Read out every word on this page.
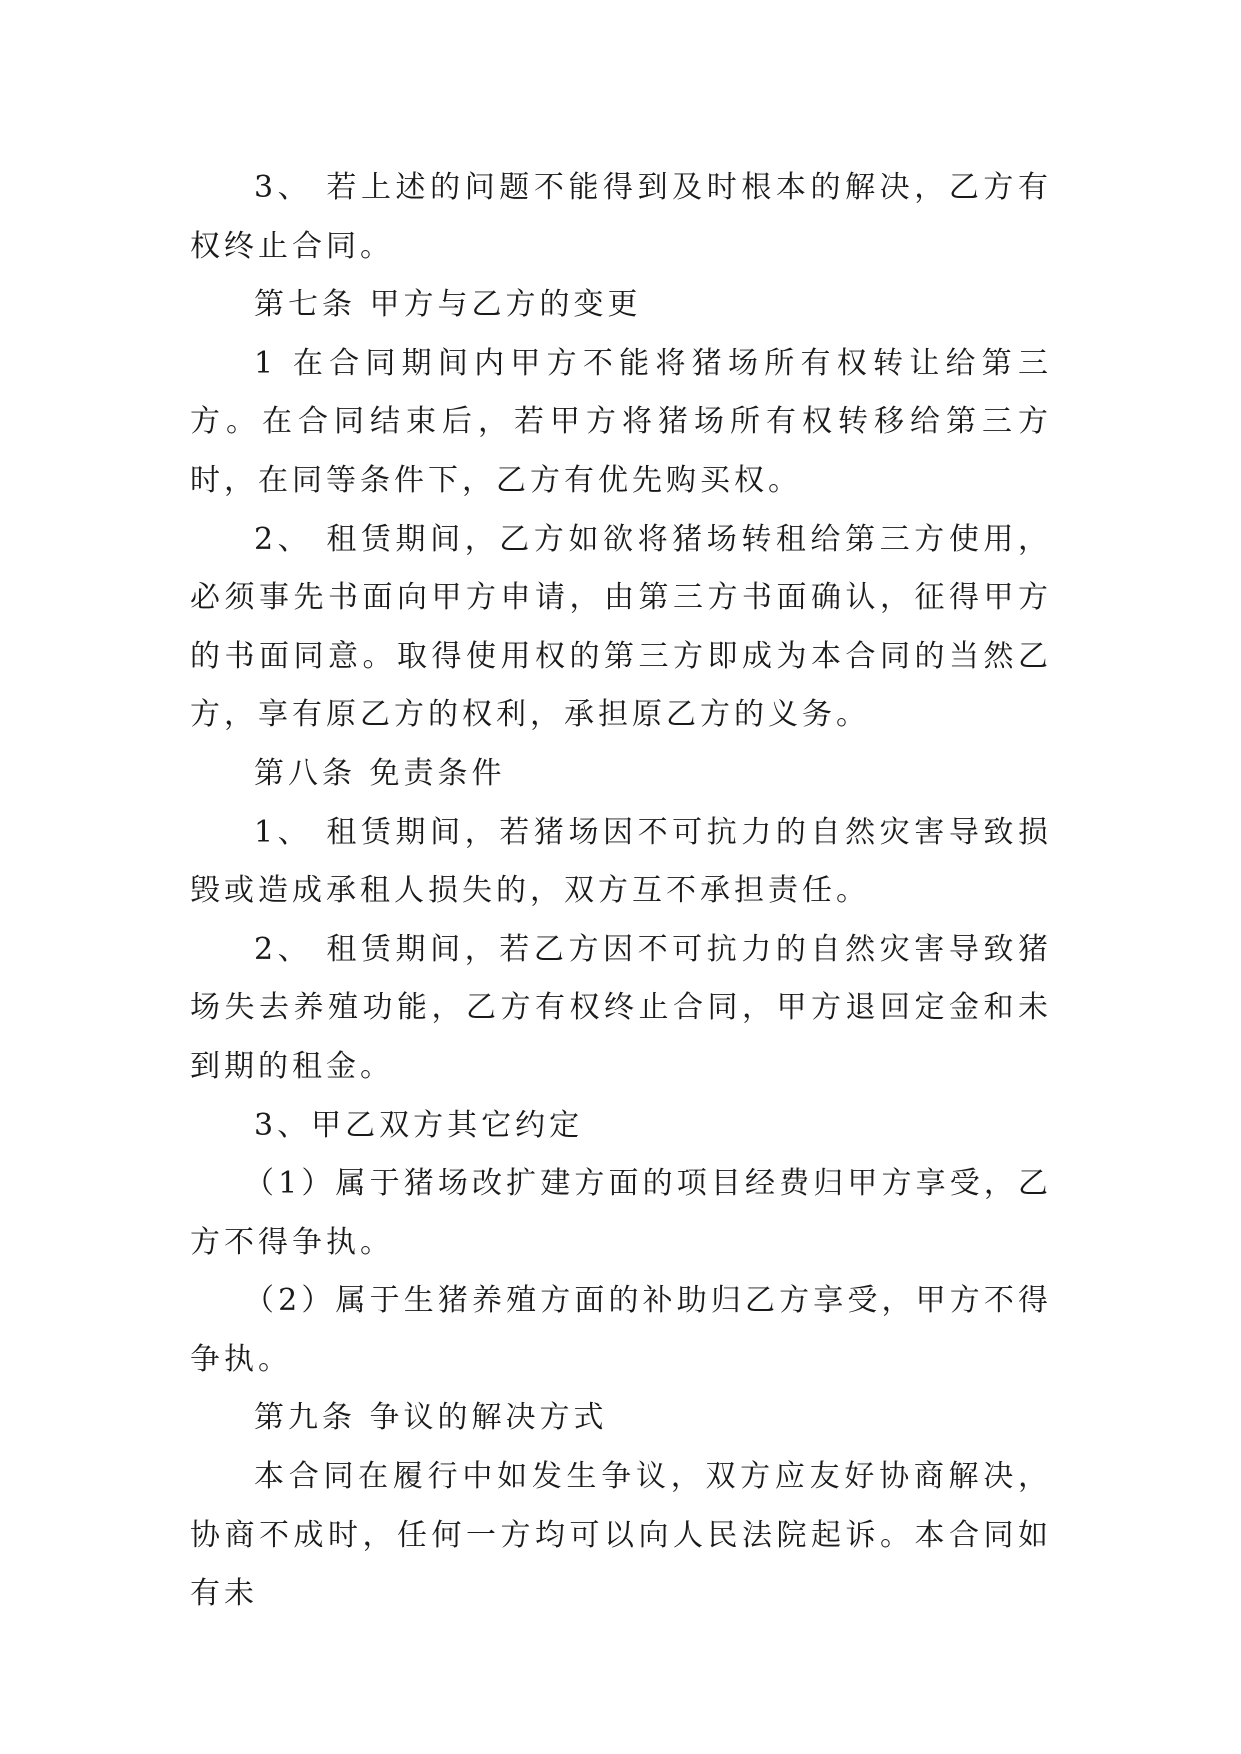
3、 若上述的问题不能得到及时根本的解决，乙方有权终止合同。

第七条 甲方与乙方的变更

1 在合同期间内甲方不能将猪场所有权转让给第三方。在合同结束后，若甲方将猪场所有权转移给第三方时，在同等条件下，乙方有优先购买权。

2、 租赁期间，乙方如欲将猪场转租给第三方使用，必须事先书面向甲方申请，由第三方书面确认，征得甲方的书面同意。取得使用权的第三方即成为本合同的当然乙方，享有原乙方的权利，承担原乙方的义务。

第八条 免责条件

1、 租赁期间，若猪场因不可抗力的自然灾害导致损毁或造成承租人损失的，双方互不承担责任。

2、 租赁期间，若乙方因不可抗力的自然灾害导致猪场失去养殖功能，乙方有权终止合同，甲方退回定金和未到期的租金。

3、甲乙双方其它约定

（1）属于猪场改扩建方面的项目经费归甲方享受，乙方不得争执。

（2）属于生猪养殖方面的补助归乙方享受，甲方不得争执。

第九条 争议的解决方式

本合同在履行中如发生争议，双方应友好协商解决，协商不成时，任何一方均可以向人民法院起诉。本合同如有未
